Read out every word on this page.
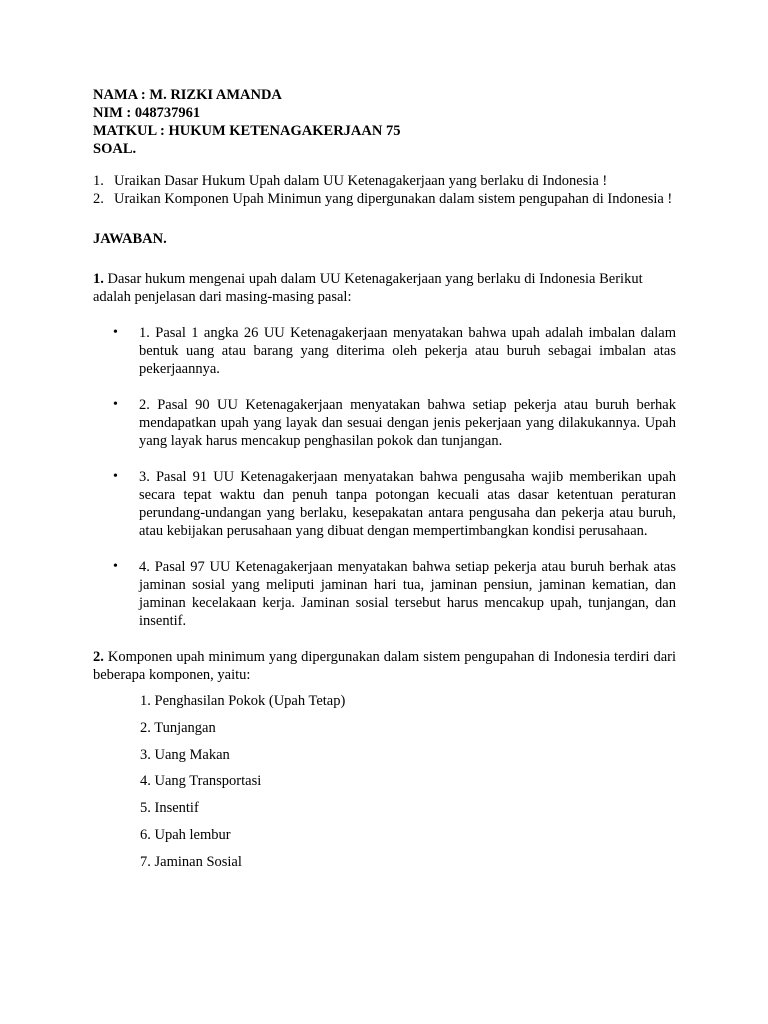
NAMA : M. RIZKI AMANDA

NIM : 048737961

MATKUL : HUKUM KETENAGAKERJAAN 75

SOAL.

1. Uraikan Dasar Hukum Upah dalam UU Ketenagakerjaan yang berlaku di Indonesia !
2. Uraikan Komponen Upah Minimun yang dipergunakan dalam sistem pengupahan di Indonesia !

JAWABAN.

1. Dasar hukum mengenai upah dalam UU Ketenagakerjaan yang berlaku di Indonesia Berikut adalah penjelasan dari masing-masing pasal:

• 1. Pasal 1 angka 26 UU Ketenagakerjaan menyatakan bahwa upah adalah imbalan dalam bentuk uang atau barang yang diterima oleh pekerja atau buruh sebagai imbalan atas pekerjaannya.
• 2. Pasal 90 UU Ketenagakerjaan menyatakan bahwa setiap pekerja atau buruh berhak mendapatkan upah yang layak dan sesuai dengan jenis pekerjaan yang dilakukannya. Upah yang layak harus mencakup penghasilan pokok dan tunjangan.
• 3. Pasal 91 UU Ketenagakerjaan menyatakan bahwa pengusaha wajib memberikan upah secara tepat waktu dan penuh tanpa potongan kecuali atas dasar ketentuan peraturan perundang-undangan yang berlaku, kesepakatan antara pengusaha dan pekerja atau buruh, atau kebijakan perusahaan yang dibuat dengan mempertimbangkan kondisi perusahaan.
• 4. Pasal 97 UU Ketenagakerjaan menyatakan bahwa setiap pekerja atau buruh berhak atas jaminan sosial yang meliputi jaminan hari tua, jaminan pensiun, jaminan kematian, dan jaminan kecelakaan kerja. Jaminan sosial tersebut harus mencakup upah, tunjangan, dan insentif.

2. Komponen upah minimum yang dipergunakan dalam sistem pengupahan di Indonesia terdiri dari beberapa komponen, yaitu:

1. Penghasilan Pokok (Upah Tetap)
2. Tunjangan
3. Uang Makan
4. Uang Transportasi
5. Insentif
6. Upah lembur
7. Jaminan Sosial
